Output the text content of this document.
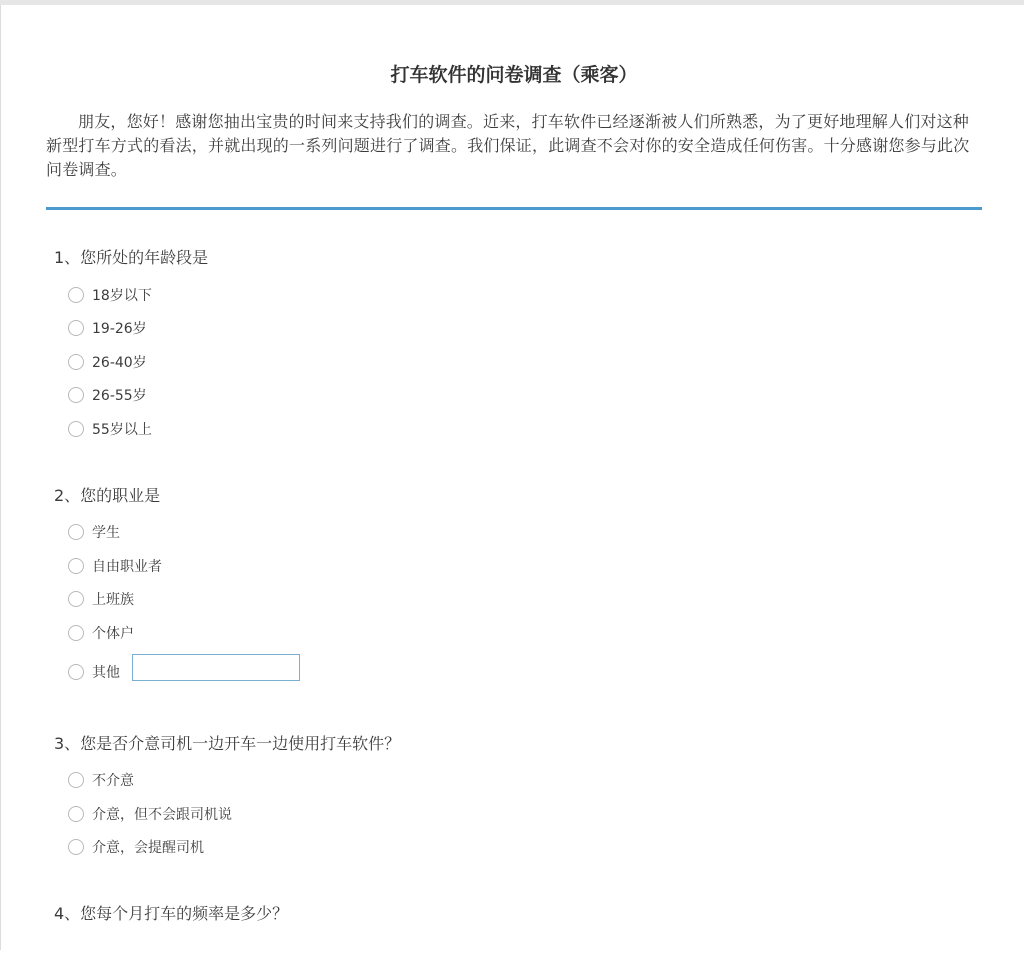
打车软件的问卷调查（乘客）

朋友，您好！感谢您抽出宝贵的时间来支持我们的调查。近来，打车软件已经逐渐被人们所熟悉，为了更好地理解人们对这种新型打车方式的看法，并就出现的一系列问题进行了调查。我们保证，此调查不会对你的安全造成任何伤害。十分感谢您参与此次问卷调查。

1、您所处的年龄段是
18岁以下
19-26岁
26-40岁
26-55岁
55岁以上
2、您的职业是
学生
自由职业者
上班族
个体户
其他
3、您是否介意司机一边开车一边使用打车软件？
不介意
介意，但不会跟司机说
介意，会提醒司机
4、您每个月打车的频率是多少？
